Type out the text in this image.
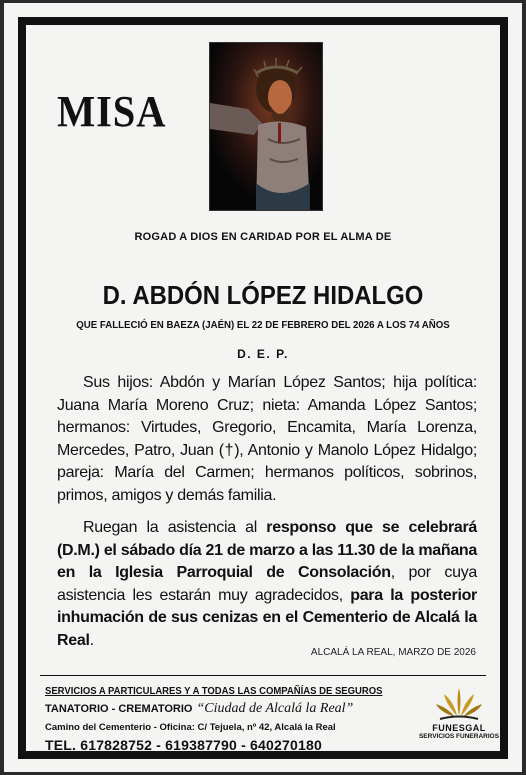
MISA
ROGAD A DIOS EN CARIDAD POR EL ALMA DE
D. ABDÓN LÓPEZ HIDALGO
QUE FALLECIÓ EN BAEZA (JAÉN) EL 22 DE FEBRERO DEL 2026 A LOS 74 AÑOS
D. E. P.
Sus hijos: Abdón y Marían López Santos; hija política: Juana María Moreno Cruz; nieta: Amanda López Santos; hermanos: Virtudes, Gregorio, Encamita, María Lorenza, Mercedes, Patro, Juan (†), Antonio y Manolo López Hidalgo; pareja: María del Carmen; hermanos políticos, sobrinos, primos, amigos y demás familia.
Ruegan la asistencia al responso que se celebrará (D.M.) el sábado día 21 de marzo a las 11.30 de la mañana en la Iglesia Parroquial de Consolación, por cuya asistencia les estarán muy agradecidos, para la posterior inhumación de sus cenizas en el Cementerio de Alcalá la Real.
ALCALÁ LA REAL, MARZO DE 2026
SERVICIOS A PARTICULARES Y A TODAS LAS COMPAÑÍAS DE SEGUROS
TANATORIO - CREMATORIO “Ciudad de Alcalá la Real”
Camino del Cementerio - Oficina: C/ Tejuela, nº 42, Alcalá la Real
TEL. 617828752 - 619387790 - 640270180
FUNESGAL
SERVICIOS FUNERARIOS
